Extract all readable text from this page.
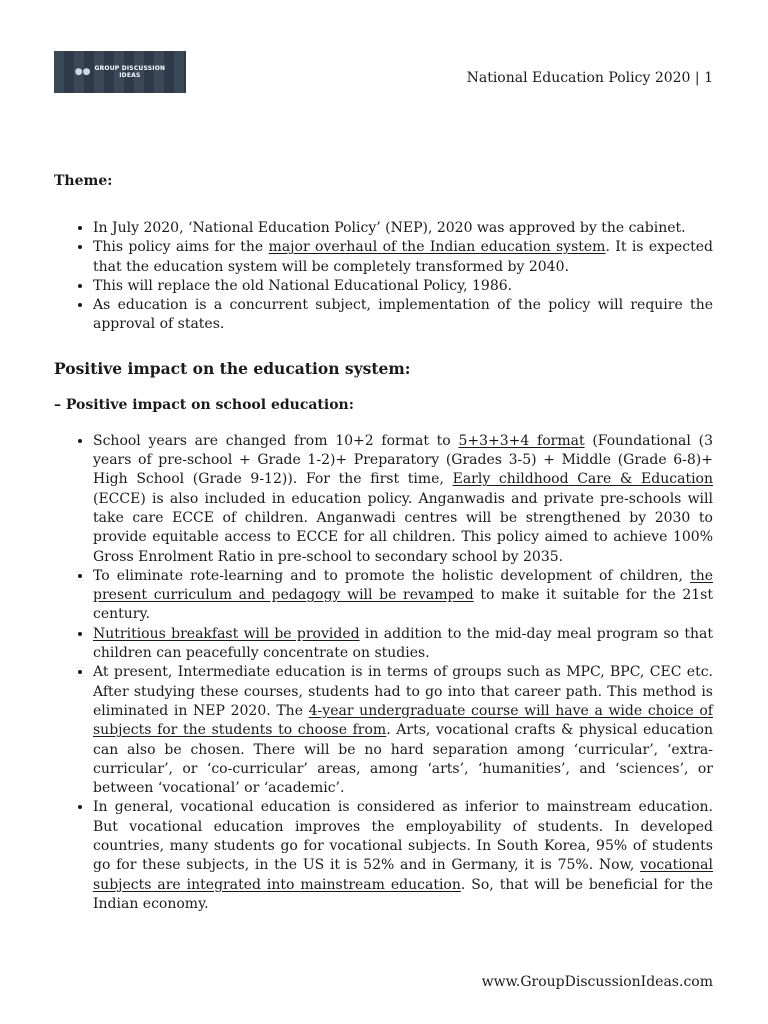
●● GROUP DISCUSSION
IDEAS	National Education Policy 2020 | 1

Theme:

• In July 2020, ‘National Education Policy’ (NEP), 2020 was approved by the cabinet.
• This policy aims for the major overhaul of the Indian education system. It is expected that the education system will be completely transformed by 2040.
• This will replace the old National Educational Policy, 1986.
• As education is a concurrent subject, implementation of the policy will require the approval of states.

Positive impact on the education system:

– Positive impact on school education:

• School years are changed from 10+2 format to 5+3+3+4 format (Foundational (3 years of pre-school + Grade 1-2)+ Preparatory (Grades 3-5) + Middle (Grade 6-8)+ High School (Grade 9-12)). For the first time, Early childhood Care & Education (ECCE) is also included in education policy. Anganwadis and private pre-schools will take care ECCE of children. Anganwadi centres will be strengthened by 2030 to provide equitable access to ECCE for all children. This policy aimed to achieve 100% Gross Enrolment Ratio in pre-school to secondary school by 2035.
• To eliminate rote-learning and to promote the holistic development of children, the present curriculum and pedagogy will be revamped to make it suitable for the 21st century.
• Nutritious breakfast will be provided in addition to the mid-day meal program so that children can peacefully concentrate on studies.
• At present, Intermediate education is in terms of groups such as MPC, BPC, CEC etc. After studying these courses, students had to go into that career path. This method is eliminated in NEP 2020. The 4-year undergraduate course will have a wide choice of subjects for the students to choose from. Arts, vocational crafts & physical education can also be chosen. There will be no hard separation among ‘curricular’, ‘extra-curricular’, or ‘co-curricular’ areas, among ‘arts’, ‘humanities’, and ‘sciences’, or between ‘vocational’ or ‘academic’.
• In general, vocational education is considered as inferior to mainstream education. But vocational education improves the employability of students. In developed countries, many students go for vocational subjects. In South Korea, 95% of students go for these subjects, in the US it is 52% and in Germany, it is 75%. Now, vocational subjects are integrated into mainstream education. So, that will be beneficial for the Indian economy.
www.GroupDiscussionIdeas.com
